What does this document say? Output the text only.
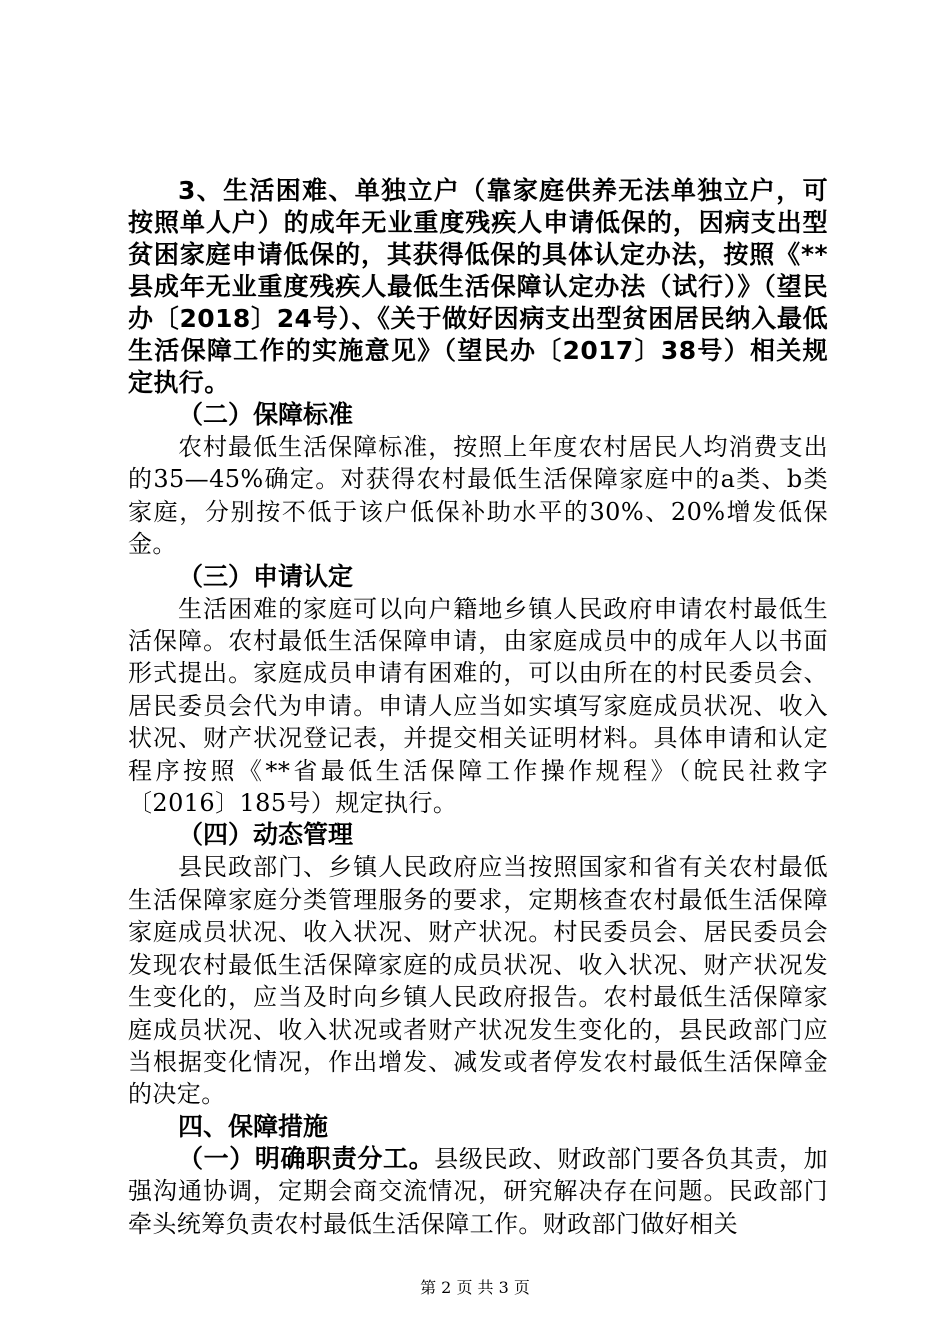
3、生活困难、单独立户（靠家庭供养无法单独立户，可按照单人户）的成年无业重度残疾人申请低保的，因病支出型贫困家庭申请低保的，其获得低保的具体认定办法，按照《**县成年无业重度残疾人最低生活保障认定办法（试行）》（望民办〔2018〕24号）、《关于做好因病支出型贫困居民纳入最低生活保障工作的实施意见》（望民办〔2017〕38号）相关规定执行。

（二）保障标准

农村最低生活保障标准，按照上年度农村居民人均消费支出的35—45%确定。对获得农村最低生活保障家庭中的a类、b类家庭，分别按不低于该户低保补助水平的30%、20%增发低保金。

（三）申请认定

生活困难的家庭可以向户籍地乡镇人民政府申请农村最低生活保障。农村最低生活保障申请，由家庭成员中的成年人以书面形式提出。家庭成员申请有困难的，可以由所在的村民委员会、居民委员会代为申请。申请人应当如实填写家庭成员状况、收入状况、财产状况登记表，并提交相关证明材料。具体申请和认定程序按照《**省最低生活保障工作操作规程》（皖民社救字〔2016〕185号）规定执行。

（四）动态管理

县民政部门、乡镇人民政府应当按照国家和省有关农村最低生活保障家庭分类管理服务的要求，定期核查农村最低生活保障家庭成员状况、收入状况、财产状况。村民委员会、居民委员会发现农村最低生活保障家庭的成员状况、收入状况、财产状况发生变化的，应当及时向乡镇人民政府报告。农村最低生活保障家庭成员状况、收入状况或者财产状况发生变化的，县民政部门应当根据变化情况，作出增发、减发或者停发农村最低生活保障金的决定。

四、保障措施

（一）明确职责分工。县级民政、财政部门要各负其责，加强沟通协调，定期会商交流情况，研究解决存在问题。民政部门牵头统筹负责农村最低生活保障工作。财政部门做好相关

第 2 页 共 3 页
